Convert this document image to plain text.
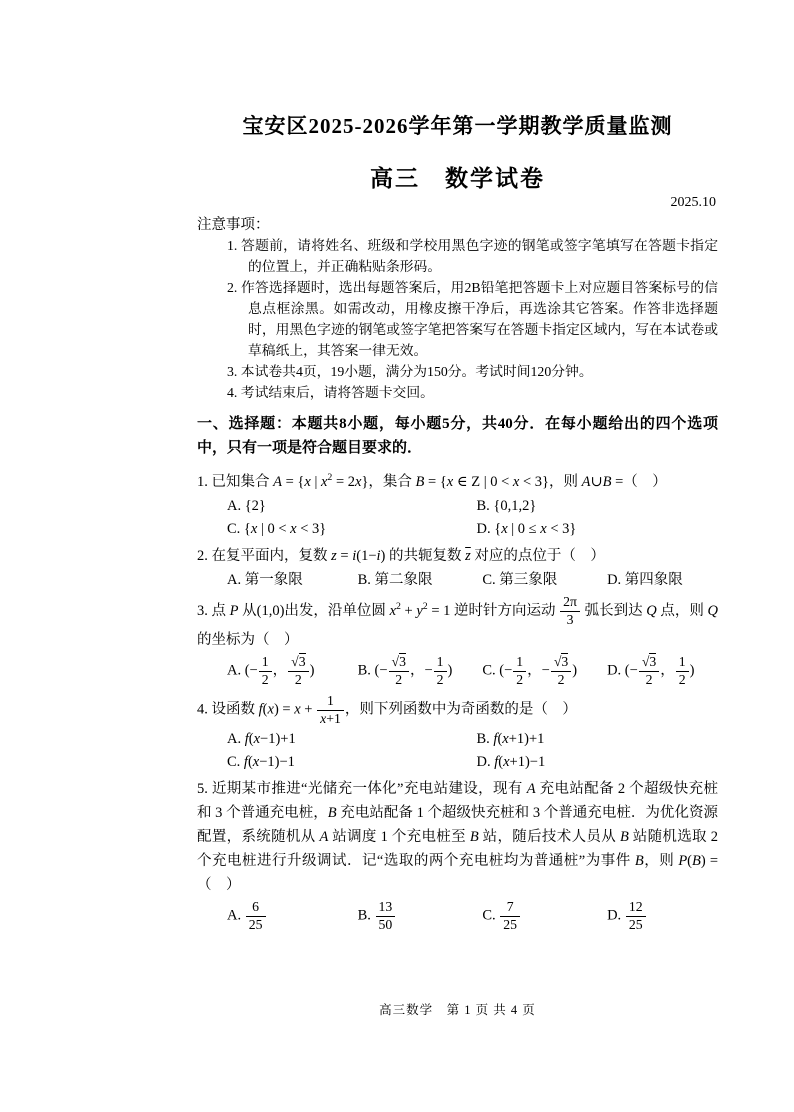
宝安区2025-2026学年第一学期教学质量监测
高三　数学试卷
2025.10
注意事项：
1. 答题前，请将姓名、班级和学校用黑色字迹的钢笔或签字笔填写在答题卡指定的位置上，并正确粘贴条形码。
2. 作答选择题时，选出每题答案后，用2B铅笔把答题卡上对应题目答案标号的信息点框涂黑。如需改动，用橡皮擦干净后，再选涂其它答案。作答非选择题时，用黑色字迹的钢笔或签字笔把答案写在答题卡指定区域内，写在本试卷或草稿纸上，其答案一律无效。
3. 本试卷共4页，19小题，满分为150分。考试时间120分钟。
4. 考试结束后，请将答题卡交回。
一、选择题：本题共8小题，每小题5分，共40分．在每小题给出的四个选项中，只有一项是符合题目要求的．
1. 已知集合 A = {x | $x^2 = 2x$}，集合 B = {x ∈ Z | 0 < x < 3}，则 A∪B =（　）
A. {2}	B. {0,1,2}
C. {x | 0 < x < 3}	D. {x | 0 ≤ x < 3}
2. 在复平面内，复数 z = i(1−i) 的共轭复数 $\overline{z}$ 对应的点位于（　）
A. 第一象限	B. 第二象限	C. 第三象限	D. 第四象限
3. 点 P 从(1,0)出发，沿单位圆 $x^2 + y^2 = 1$ 逆时针方向运动 $\frac{2\pi}{3}$ 弧长到达 Q 点，则 Q 的坐标为（　）
A. (− $\frac{1}{2}$ ， $\frac{√3}{2}$ )	B. (− $\frac{√3}{2}$ ，− $\frac{1}{2}$ )	C. (− $\frac{1}{2}$ ，− $\frac{√3}{2}$ )	D. (− $\frac{√3}{2}$ ， $\frac{1}{2}$ )
4. 设函数 $f(x) = x + \frac{1}{x+1}$ ，则下列函数中为奇函数的是（　）
A. f(x−1)+1	B. f(x+1)+1
C. f(x−1)−1	D. f(x+1)−1
5. 近期某市推进“光储充一体化”充电站建设，现有 A 充电站配备 2 个超级快充桩和 3 个普通充电桩，B 充电站配备 1 个超级快充桩和 3 个普通充电桩．为优化资源配置，系统随机从 A 站调度 1 个充电桩至 B 站，随后技术人员从 B 站随机选取 2 个充电桩进行升级调试．记“选取的两个充电桩均为普通桩”为事件 B，则 P(B) =（　）
A. $\frac{6}{25}$	B. $\frac{13}{50}$	C. $\frac{7}{25}$	D. $\frac{12}{25}$
高三数学　第 1 页 共 4 页
